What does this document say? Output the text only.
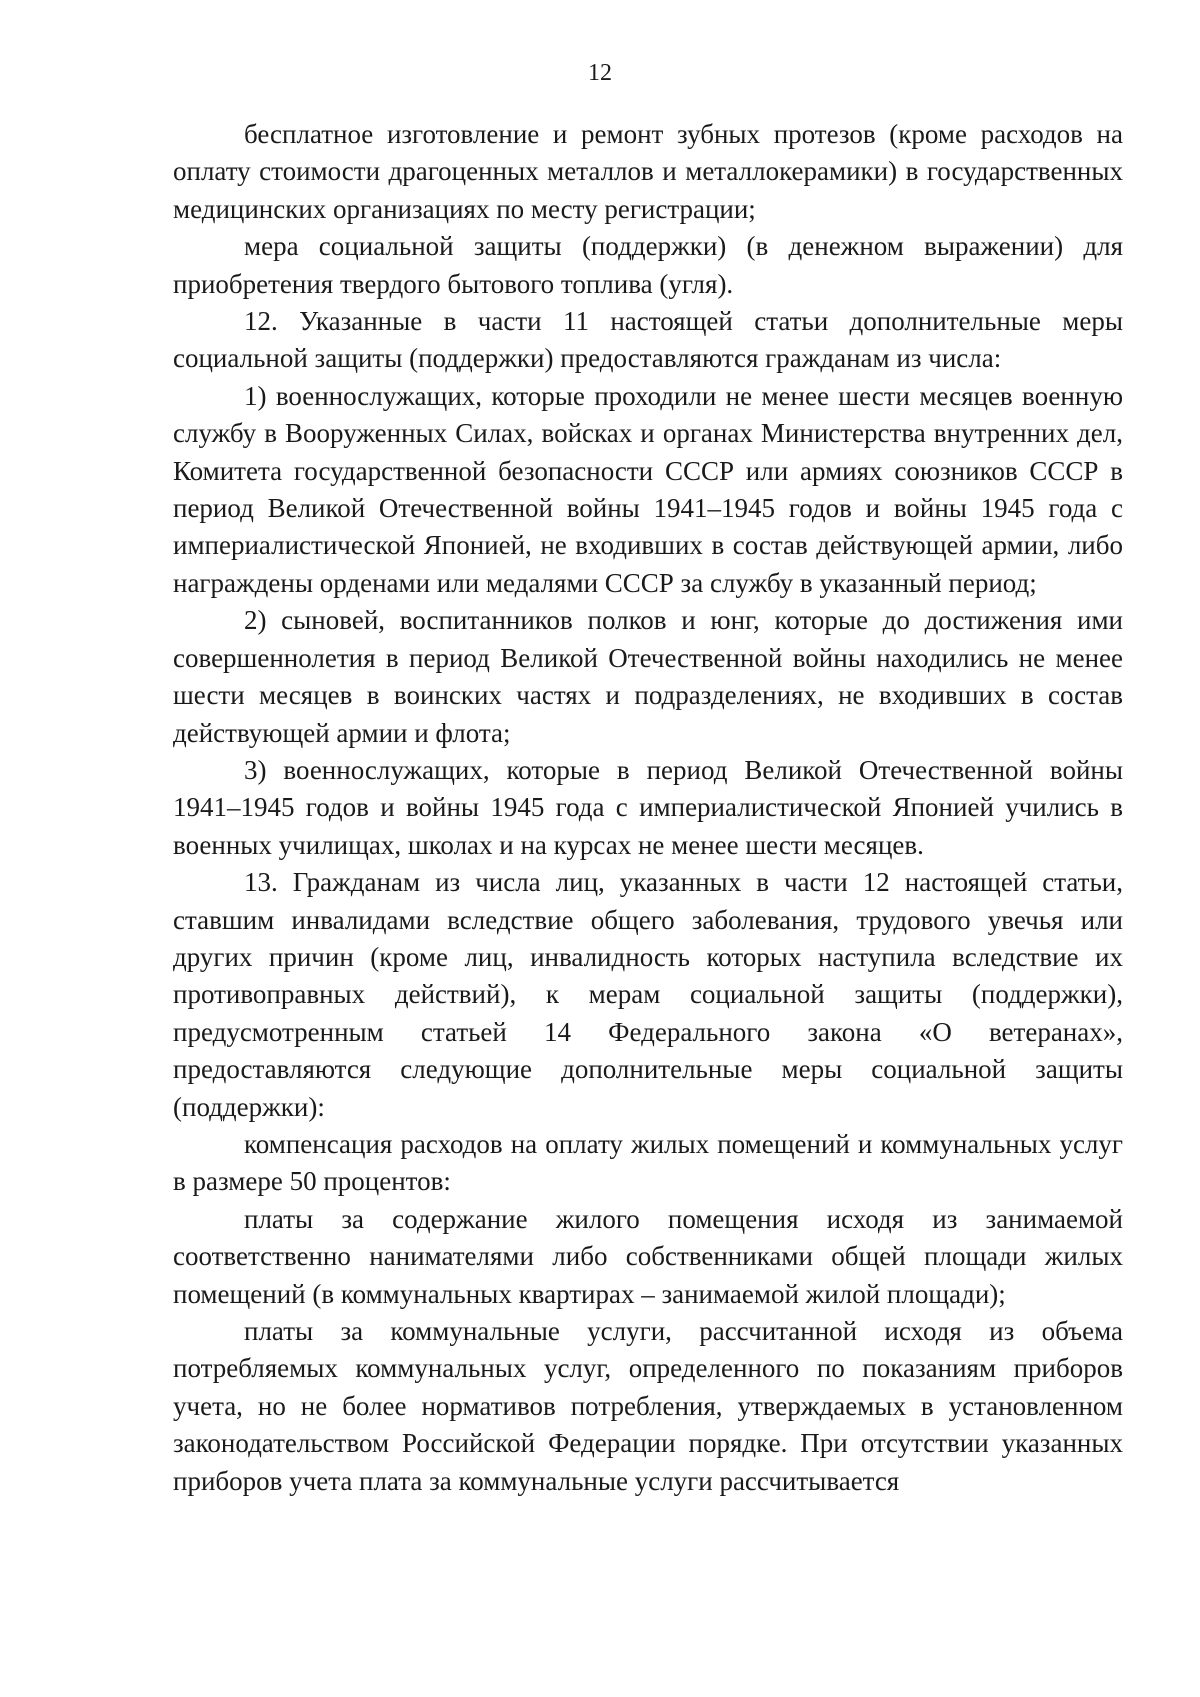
12

бесплатное изготовление и ремонт зубных протезов (кроме расходов на оплату стоимости драгоценных металлов и металлокерамики) в государственных медицинских организациях по месту регистрации;

мера социальной защиты (поддержки) (в денежном выражении) для приобретения твердого бытового топлива (угля).

12. Указанные в части 11 настоящей статьи дополнительные меры социальной защиты (поддержки) предоставляются гражданам из числа:

1) военнослужащих, которые проходили не менее шести месяцев военную службу в Вооруженных Силах, войсках и органах Министерства внутренних дел, Комитета государственной безопасности СССР или армиях союзников СССР в период Великой Отечественной войны 1941–1945 годов и войны 1945 года с империалистической Японией, не входивших в состав действующей армии, либо награждены орденами или медалями СССР за службу в указанный период;

2) сыновей, воспитанников полков и юнг, которые до достижения ими совершеннолетия в период Великой Отечественной войны находились не менее шести месяцев в воинских частях и подразделениях, не входивших в состав действующей армии и флота;

3) военнослужащих, которые в период Великой Отечественной войны 1941–1945 годов и войны 1945 года с империалистической Японией учились в военных училищах, школах и на курсах не менее шести месяцев.

13. Гражданам из числа лиц, указанных в части 12 настоящей статьи, ставшим инвалидами вследствие общего заболевания, трудового увечья или других причин (кроме лиц, инвалидность которых наступила вследствие их противоправных действий), к мерам социальной защиты (поддержки), предусмотренным статьей 14 Федерального закона «О ветеранах», предоставляются следующие дополнительные меры социальной защиты (поддержки):

компенсация расходов на оплату жилых помещений и коммунальных услуг в размере 50 процентов:

платы за содержание жилого помещения исходя из занимаемой соответственно нанимателями либо собственниками общей площади жилых помещений (в коммунальных квартирах – занимаемой жилой площади);

платы за коммунальные услуги, рассчитанной исходя из объема потребляемых коммунальных услуг, определенного по показаниям приборов учета, но не более нормативов потребления, утверждаемых в установленном законодательством Российской Федерации порядке. При отсутствии указанных приборов учета плата за коммунальные услуги рассчитывается
